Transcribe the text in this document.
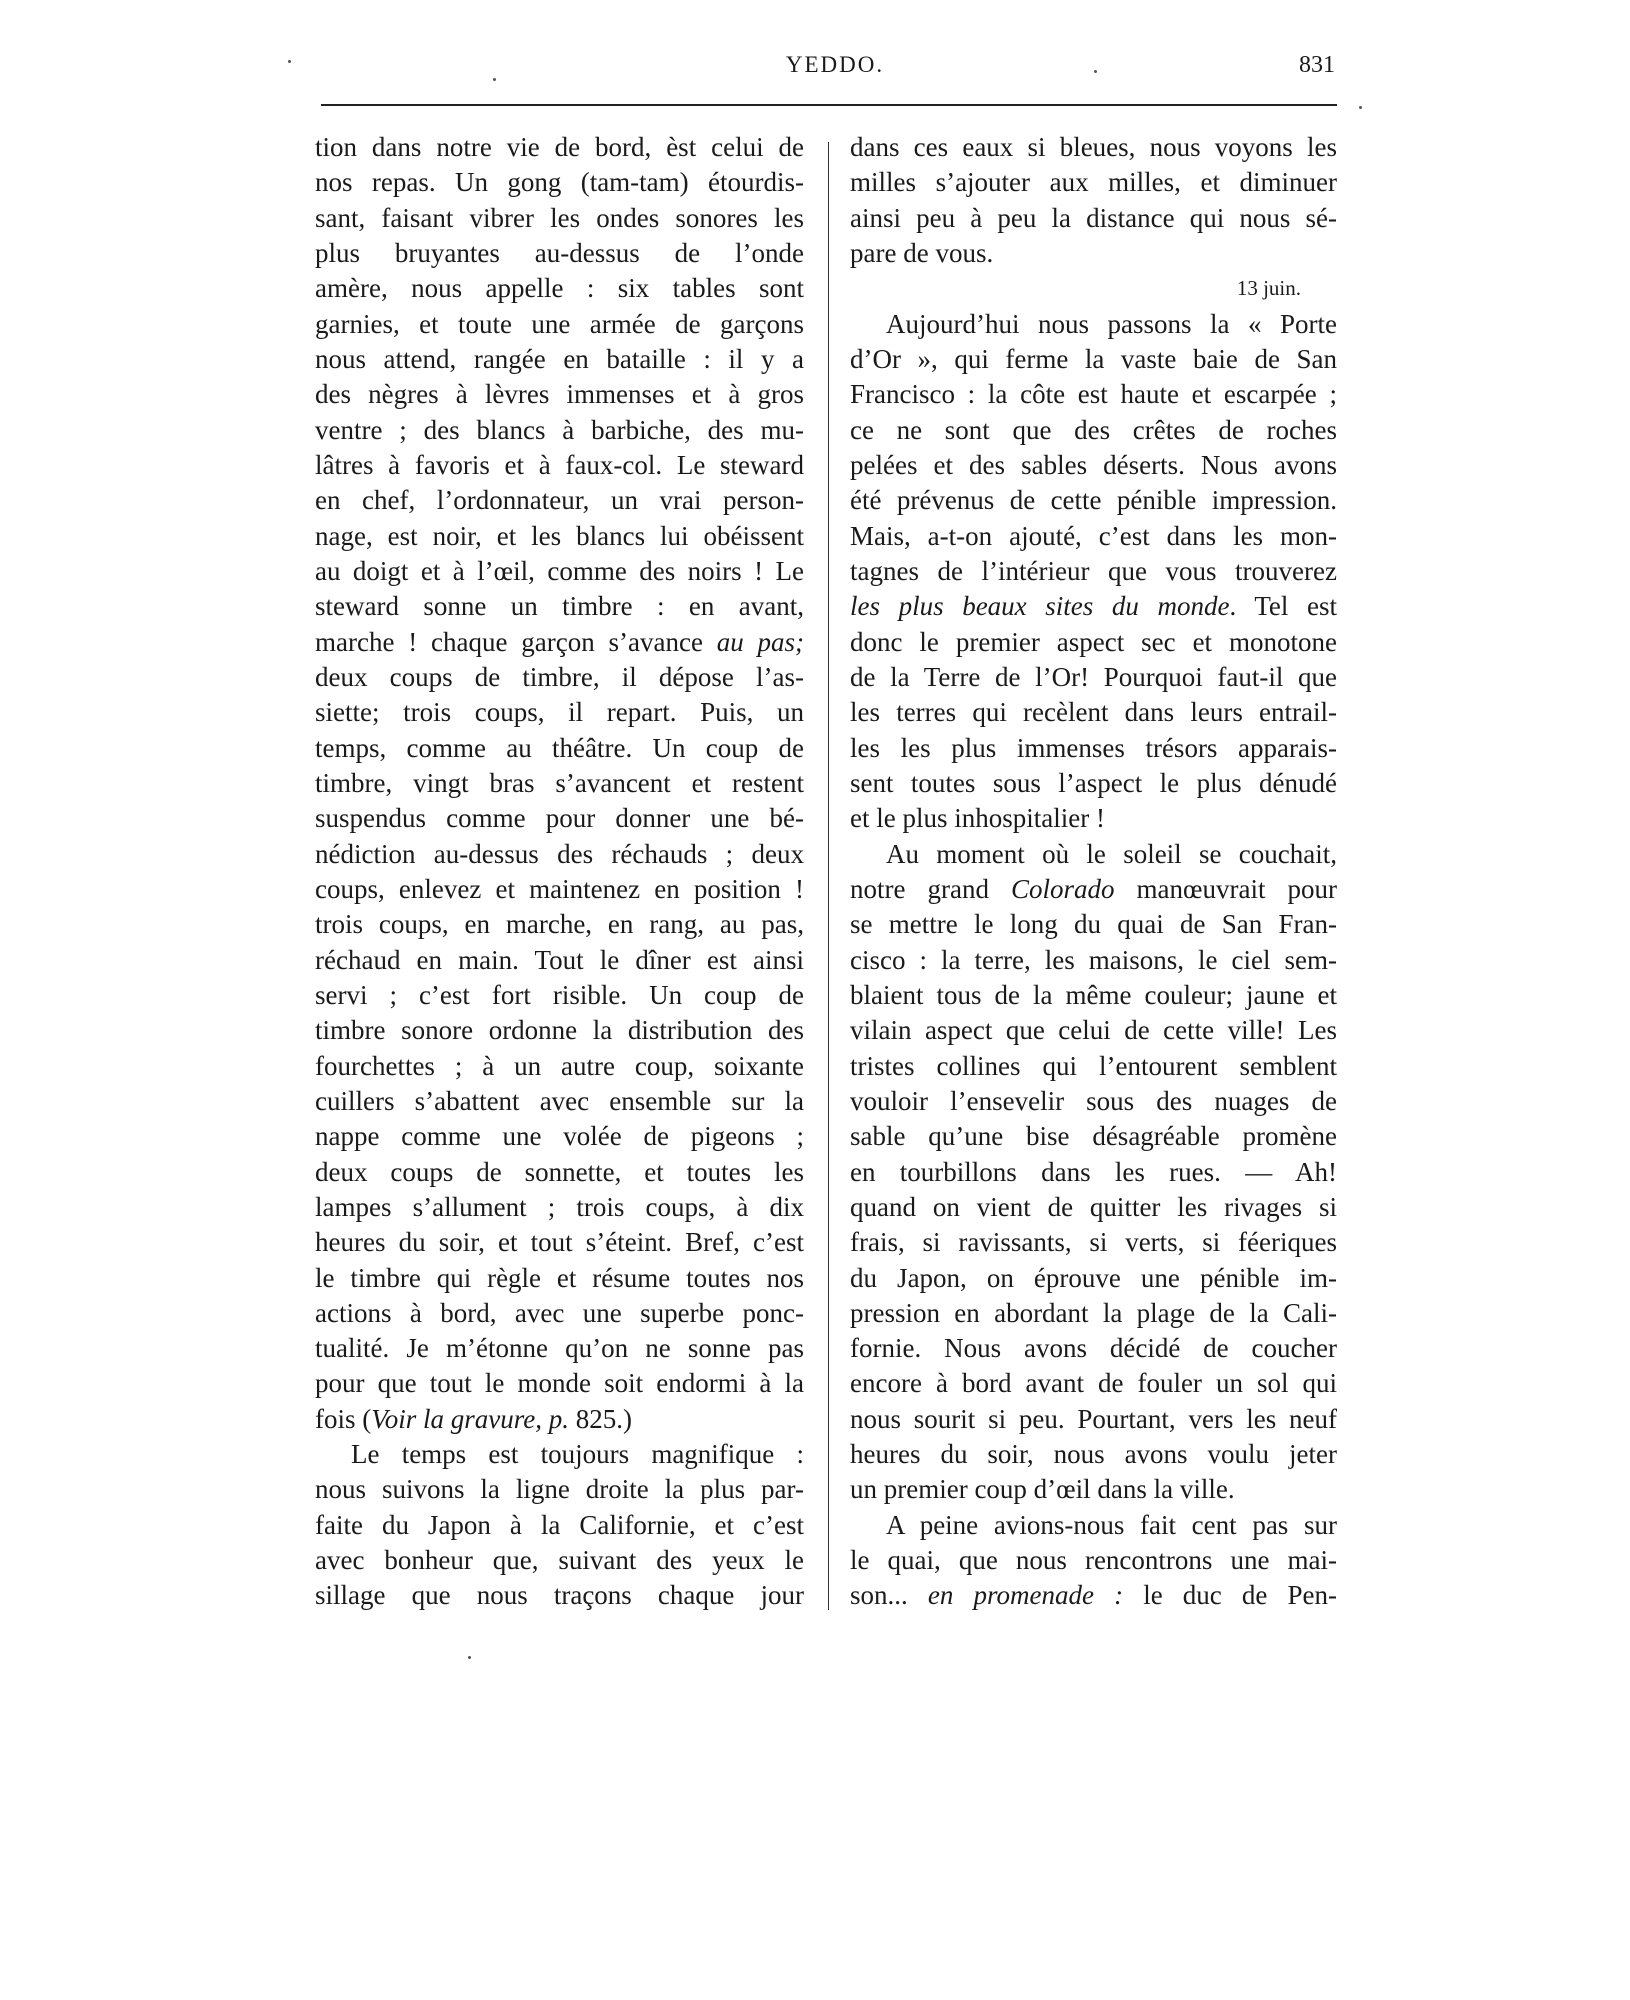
YEDDO.	831
tion dans notre vie de bord, èst celui de
nos repas. Un gong (tam-tam) étourdis-
sant, faisant vibrer les ondes sonores les
plus bruyantes au-dessus de l’onde
amère, nous appelle : six tables sont
garnies, et toute une armée de garçons
nous attend, rangée en bataille : il y a
des nègres à lèvres immenses et à gros
ventre ; des blancs à barbiche, des mu-
lâtres à favoris et à faux-col. Le steward
en chef, l’ordonnateur, un vrai person-
nage, est noir, et les blancs lui obéissent
au doigt et à l’œil, comme des noirs ! Le
steward sonne un timbre : en avant,
marche ! chaque garçon s’avance au pas;
deux coups de timbre, il dépose l’as-
siette; trois coups, il repart. Puis, un
temps, comme au théâtre. Un coup de
timbre, vingt bras s’avancent et restent
suspendus comme pour donner une bé-
nédiction au-dessus des réchauds ; deux
coups, enlevez et maintenez en position !
trois coups, en marche, en rang, au pas,
réchaud en main. Tout le dîner est ainsi
servi ; c’est fort risible. Un coup de
timbre sonore ordonne la distribution des
fourchettes ; à un autre coup, soixante
cuillers s’abattent avec ensemble sur la
nappe comme une volée de pigeons ;
deux coups de sonnette, et toutes les
lampes s’allument ; trois coups, à dix
heures du soir, et tout s’éteint. Bref, c’est
le timbre qui règle et résume toutes nos
actions à bord, avec une superbe ponc-
tualité. Je m’étonne qu’on ne sonne pas
pour que tout le monde soit endormi à la
fois (Voir la gravure, p. 825.)
Le temps est toujours magnifique :
nous suivons la ligne droite la plus par-
faite du Japon à la Californie, et c’est
avec bonheur que, suivant des yeux le
sillage que nous traçons chaque jour
dans ces eaux si bleues, nous voyons les
milles s’ajouter aux milles, et diminuer
ainsi peu à peu la distance qui nous sé-
pare de vous.
13 juin.
Aujourd’hui nous passons la « Porte
d’Or », qui ferme la vaste baie de San
Francisco : la côte est haute et escarpée ;
ce ne sont que des crêtes de roches
pelées et des sables déserts. Nous avons
été prévenus de cette pénible impression.
Mais, a-t-on ajouté, c’est dans les mon-
tagnes de l’intérieur que vous trouverez
les plus beaux sites du monde. Tel est
donc le premier aspect sec et monotone
de la Terre de l’Or! Pourquoi faut-il que
les terres qui recèlent dans leurs entrail-
les les plus immenses trésors apparais-
sent toutes sous l’aspect le plus dénudé
et le plus inhospitalier !
Au moment où le soleil se couchait,
notre grand Colorado manœuvrait pour
se mettre le long du quai de San Fran-
cisco : la terre, les maisons, le ciel sem-
blaient tous de la même couleur; jaune et
vilain aspect que celui de cette ville! Les
tristes collines qui l’entourent semblent
vouloir l’ensevelir sous des nuages de
sable qu’une bise désagréable promène
en tourbillons dans les rues. — Ah!
quand on vient de quitter les rivages si
frais, si ravissants, si verts, si féeriques
du Japon, on éprouve une pénible im-
pression en abordant la plage de la Cali-
fornie. Nous avons décidé de coucher
encore à bord avant de fouler un sol qui
nous sourit si peu. Pourtant, vers les neuf
heures du soir, nous avons voulu jeter
un premier coup d’œil dans la ville.
A peine avions-nous fait cent pas sur
le quai, que nous rencontrons une mai-
son... en promenade : le duc de Pen-
